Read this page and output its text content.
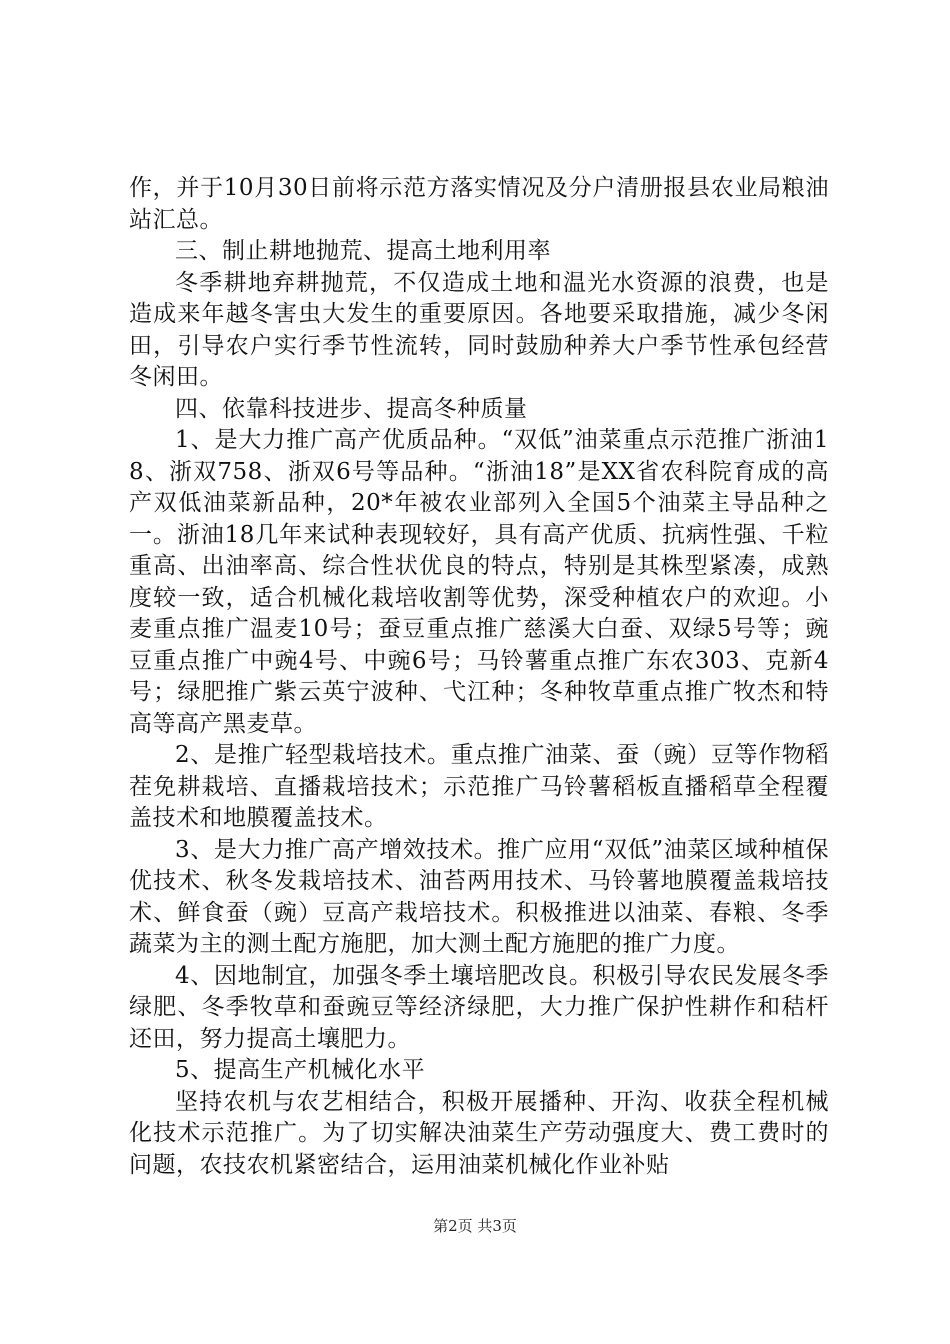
作，并于10月30日前将示范方落实情况及分户清册报县农业局粮油站汇总。

三、制止耕地抛荒、提高土地利用率

冬季耕地弃耕抛荒，不仅造成土地和温光水资源的浪费，也是造成来年越冬害虫大发生的重要原因。各地要采取措施，减少冬闲田，引导农户实行季节性流转，同时鼓励种养大户季节性承包经营冬闲田。

四、依靠科技进步、提高冬种质量

1、是大力推广高产优质品种。“双低”油菜重点示范推广浙油18、浙双758、浙双6号等品种。“浙油18”是XX省农科院育成的高产双低油菜新品种，20*年被农业部列入全国5个油菜主导品种之一。浙油18几年来试种表现较好，具有高产优质、抗病性强、千粒重高、出油率高、综合性状优良的特点，特别是其株型紧凑，成熟度较一致，适合机械化栽培收割等优势，深受种植农户的欢迎。小麦重点推广温麦10号；蚕豆重点推广慈溪大白蚕、双绿5号等；豌豆重点推广中豌4号、中豌6号；马铃薯重点推广东农303、克新4号；绿肥推广紫云英宁波种、弋江种；冬种牧草重点推广牧杰和特高等高产黑麦草。

2、是推广轻型栽培技术。重点推广油菜、蚕（豌）豆等作物稻茬免耕栽培、直播栽培技术；示范推广马铃薯稻板直播稻草全程覆盖技术和地膜覆盖技术。

3、是大力推广高产增效技术。推广应用“双低”油菜区域种植保优技术、秋冬发栽培技术、油苔两用技术、马铃薯地膜覆盖栽培技术、鲜食蚕（豌）豆高产栽培技术。积极推进以油菜、春粮、冬季蔬菜为主的测土配方施肥，加大测土配方施肥的推广力度。

4、因地制宜，加强冬季土壤培肥改良。积极引导农民发展冬季绿肥、冬季牧草和蚕豌豆等经济绿肥，大力推广保护性耕作和秸杆还田，努力提高土壤肥力。

5、提高生产机械化水平

坚持农机与农艺相结合，积极开展播种、开沟、收获全程机械化技术示范推广。为了切实解决油菜生产劳动强度大、费工费时的问题，农技农机紧密结合，运用油菜机械化作业补贴

第2页 共3页
